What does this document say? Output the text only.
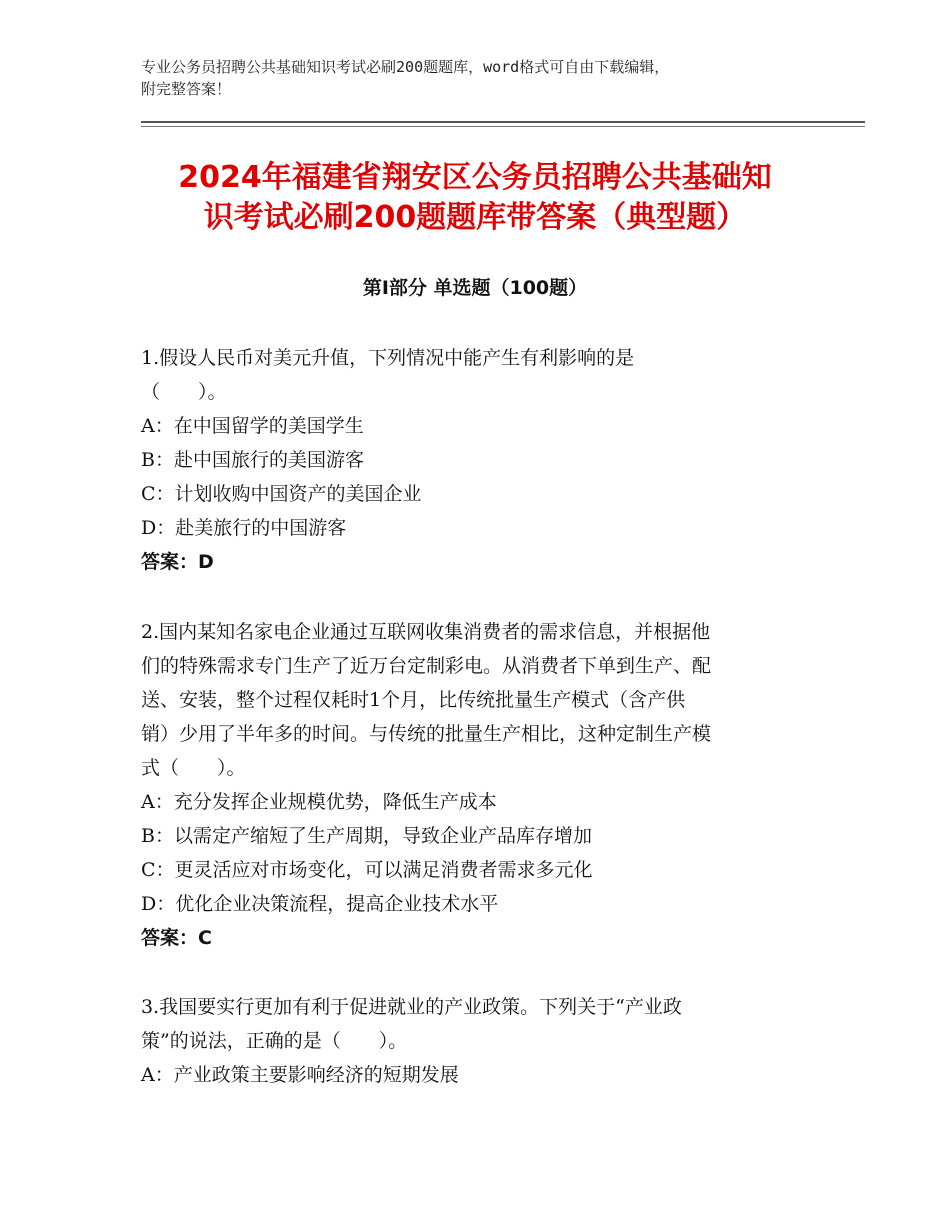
专业公务员招聘公共基础知识考试必刷200题题库，word格式可自由下载编辑，
附完整答案！
2024年福建省翔安区公务员招聘公共基础知
识考试必刷200题题库带答案（典型题）
第Ⅰ部分 单选题（100题）
1.假设人民币对美元升值，下列情况中能产生有利影响的是
（　　）。
A：在中国留学的美国学生
B：赴中国旅行的美国游客
C：计划收购中国资产的美国企业
D：赴美旅行的中国游客
答案：D
2.国内某知名家电企业通过互联网收集消费者的需求信息，并根据他
们的特殊需求专门生产了近万台定制彩电。从消费者下单到生产、配
送、安装，整个过程仅耗时1个月，比传统批量生产模式（含产供
销）少用了半年多的时间。与传统的批量生产相比，这种定制生产模
式（　　）。
A：充分发挥企业规模优势，降低生产成本
B：以需定产缩短了生产周期，导致企业产品库存增加
C：更灵活应对市场变化，可以满足消费者需求多元化
D：优化企业决策流程，提高企业技术水平
答案：C
3.我国要实行更加有利于促进就业的产业政策。下列关于“产业政
策”的说法，正确的是（　　）。
A：产业政策主要影响经济的短期发展
